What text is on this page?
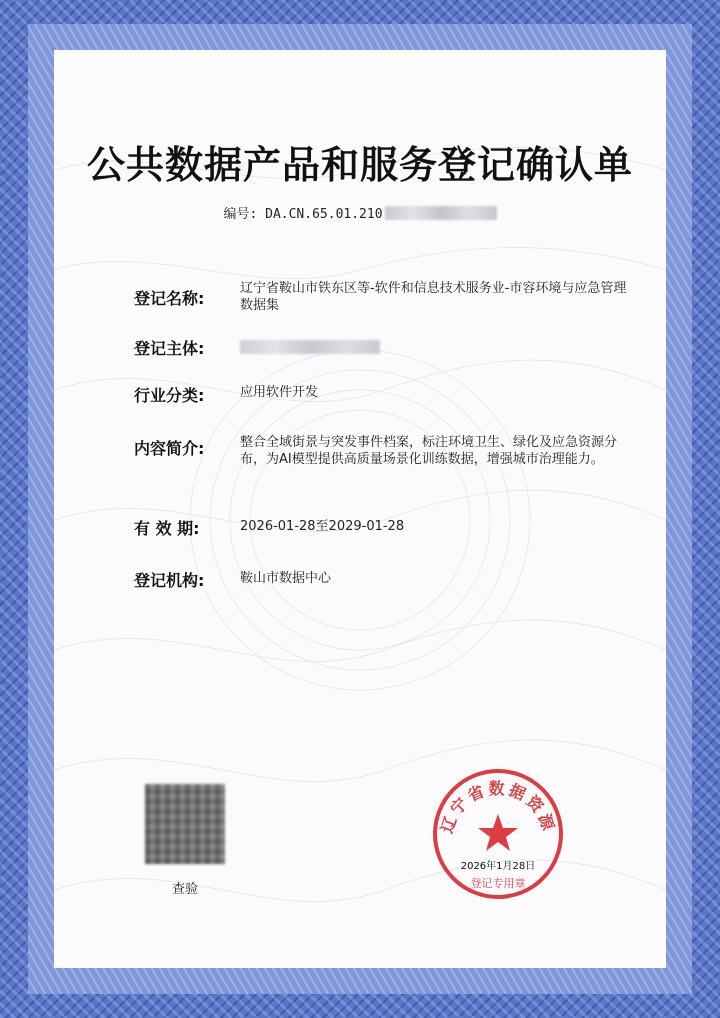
公共数据产品和服务登记确认单
编号: DA.CN.65.01.210
登记名称:
辽宁省鞍山市铁东区等-软件和信息技术服务业-市容环境与应急管理数据集
登记主体:
行业分类:	应用软件开发
内容简介:	整合全域街景与突发事件档案，标注环境卫生、绿化及应急资源分布，为AI模型提供高质量场景化训练数据，增强城市治理能力。
有 效 期:	2026-01-28至2029-01-28
登记机构:	鞍山市数据中心
查验
辽宁省数据资源
2026年1月28日
登记专用章
